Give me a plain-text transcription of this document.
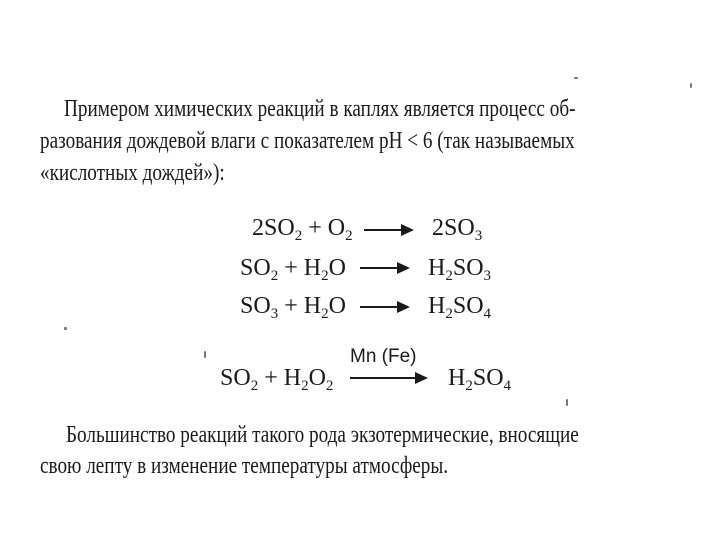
Примером химических реакций в каплях является процесс об-
разования дождевой влаги с показателем pH < 6 (так называемых
«кислотных дождей»):
$2SO_2 + O_2 \to 2SO_3$
$SO_2 + H_2O \to H_2SO_3$
$SO_3 + H_2O \to H_2SO_4$
Mn (Fe)
$SO_2 + H_2O_2$	$H_2SO_4$
Большинство реакций такого рода экзотермические, вносящие
свою лепту в изменение температуры атмосферы.
